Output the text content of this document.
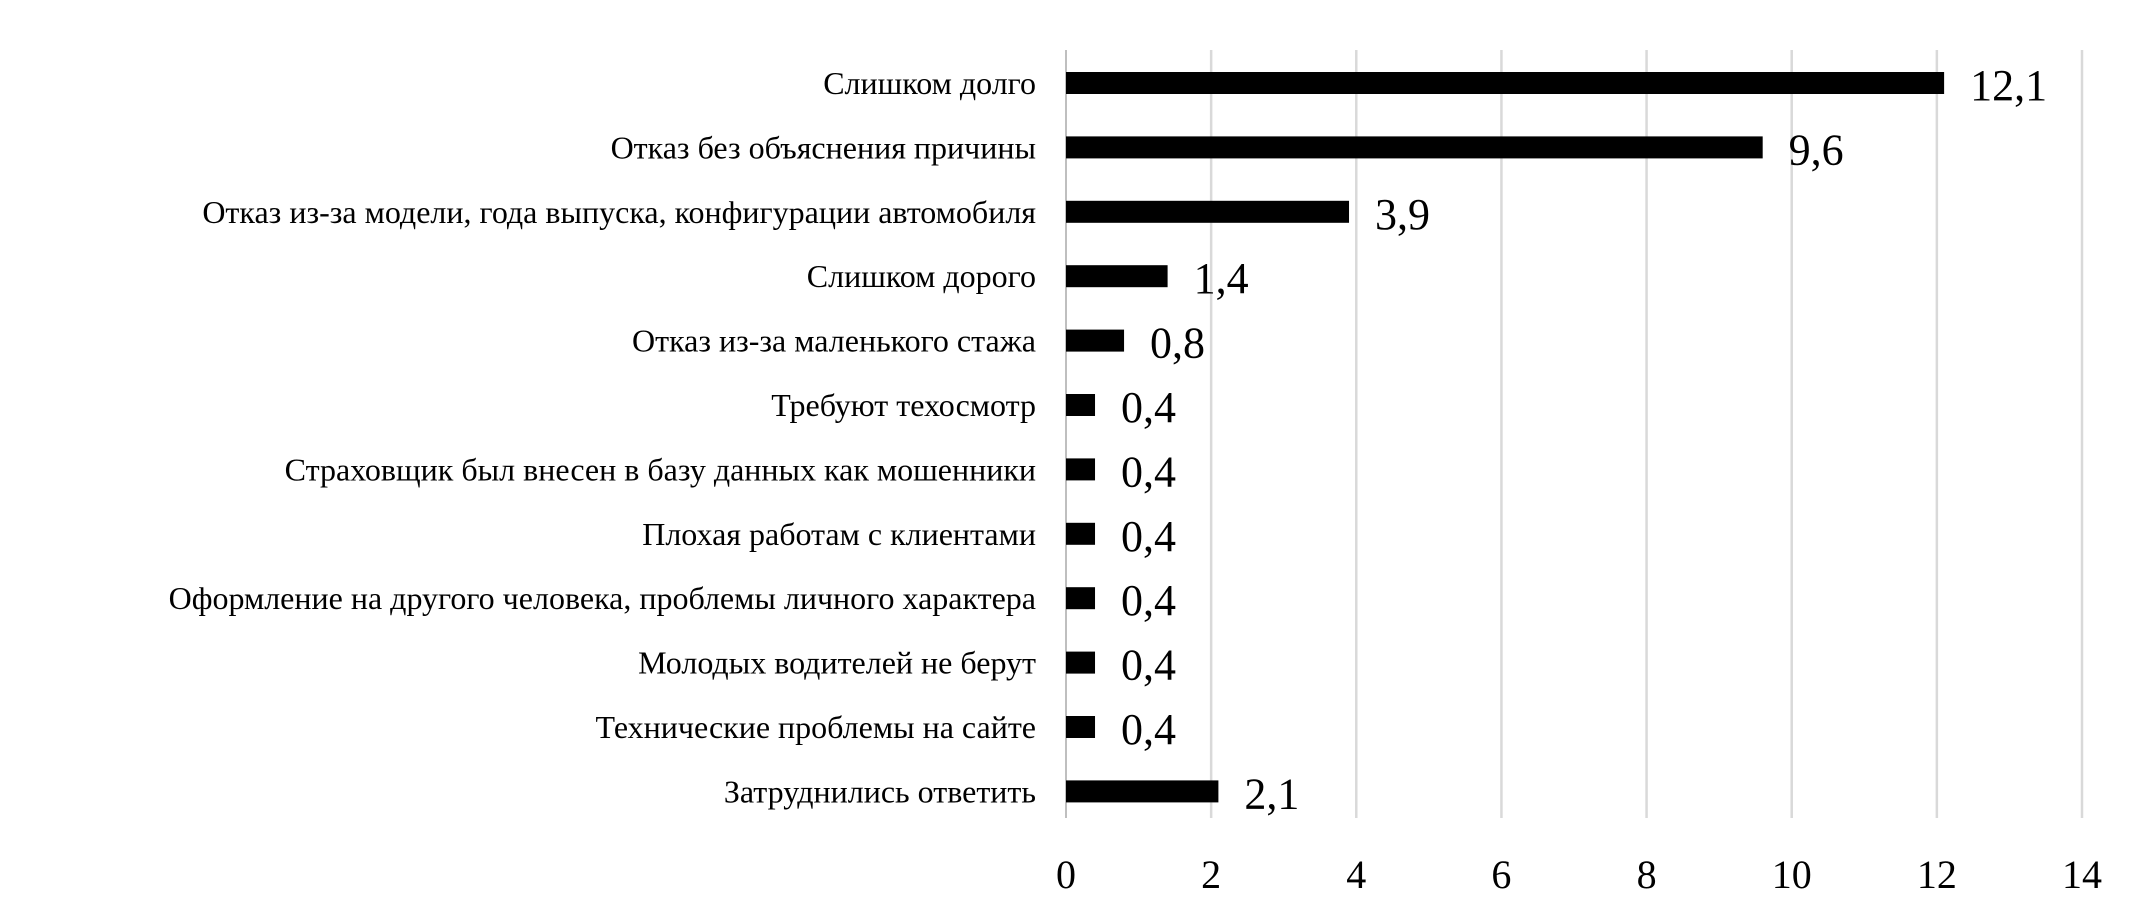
Слишком долго
Отказ без объяснения причины
Отказ из-за модели, года выпуска, конфигурации автомобиля
Слишком дорого
Отказ из-за маленького стажа
Требуют техосмотр
Страховщик был внесен в базу данных как мошенники
Плохая работам с клиентами
Оформление на другого человека, проблемы личного характера
Молодых водителей не берут
Технические проблемы на сайте
Затруднились ответить
12,1
9,6
3,9
1,4
0,8
0,4
0,4
0,4
0,4
0,4
0,4
2,1
0	2	4	6	8	10	12	14
